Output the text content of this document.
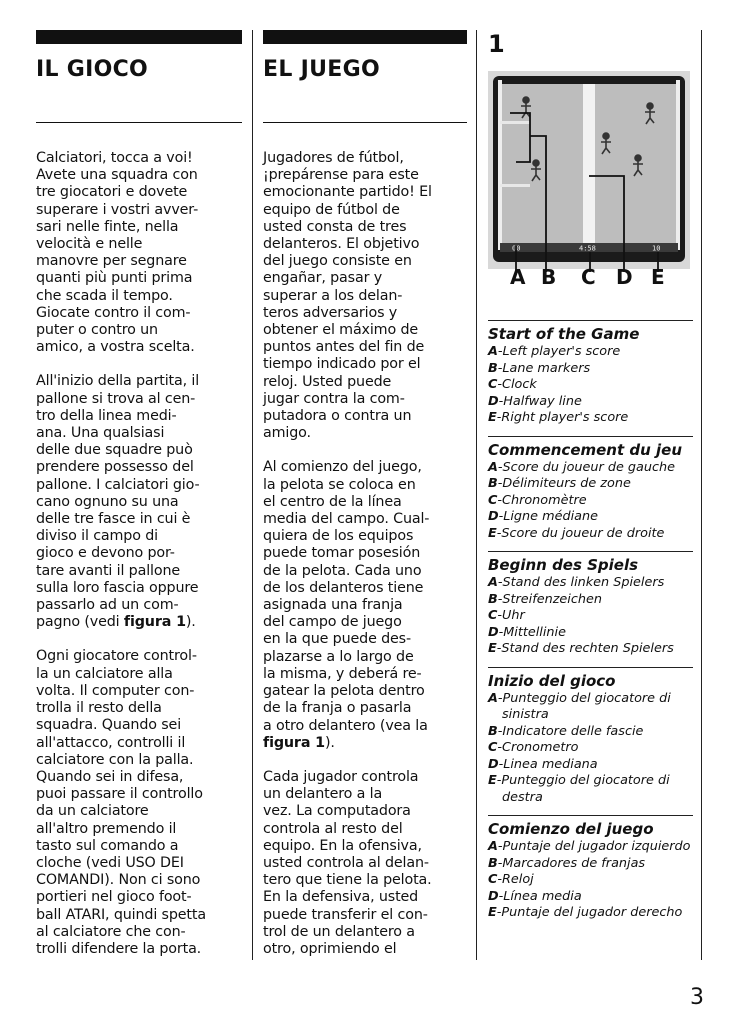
IL GIOCO

Calciatori, tocca a voi!
Avete una squadra con
tre giocatori e dovete
superare i vostri avver-
sari nelle finte, nella
velocità e nelle
manovre per segnare
quanti più punti prima
che scada il tempo.
Giocate contro il com-
puter o contro un
amico, a vostra scelta.

All'inizio della partita, il
pallone si trova al cen-
tro della linea medi-
ana. Una qualsiasi
delle due squadre può
prendere possesso del
pallone. I calciatori gio-
cano ognuno su una
delle tre fasce in cui è
diviso il campo di
gioco e devono por-
tare avanti il pallone
sulla loro fascia oppure
passarlo ad un com-
pagno (vedi figura 1).

Ogni giocatore control-
la un calciatore alla
volta. Il computer con-
trolla il resto della
squadra. Quando sei
all'attacco, controlli il
calciatore con la palla.
Quando sei in difesa,
puoi passare il controllo
da un calciatore
all'altro premendo il
tasto sul comando a
cloche (vedi USO DEI
COMANDI). Non ci sono
portieri nel gioco foot-
ball ATARI, quindi spetta
al calciatore che con-
trolli difendere la porta.

EL JUEGO

Jugadores de fútbol,
¡prepárense para este
emocionante partido! El
equipo de fútbol de
usted consta de tres
delanteros. El objetivo
del juego consiste en
engañar, pasar y
superar a los delan-
teros adversarios y
obtener el máximo de
puntos antes del fin de
tiempo indicado por el
reloj. Usted puede
jugar contra la com-
putadora o contra un
amigo.

Al comienzo del juego,
la pelota se coloca en
el centro de la línea
media del campo. Cual-
quiera de los equipos
puede tomar posesión
de la pelota. Cada uno
de los delanteros tiene
asignada una franja
del campo de juego
en la que puede des-
plazarse a lo largo de
la misma, y deberá re-
gatear la pelota dentro
de la franja o pasarla
a otro delantero (vea la
figura 1).

Cada jugador controla
un delantero a la
vez. La computadora
controla al resto del
equipo. En la ofensiva,
usted controla al delan-
tero que tiene la pelota.
En la defensiva, usted
puede transferir el con-
trol de un delantero a
otro, oprimiendo el

1
00	4:58	10
A B C D E
Start of the Game
A-Left player's score
B-Lane markers
C-Clock
D-Halfway line
E-Right player's score
Commencement du jeu
A-Score du joueur de gauche
B-Délimiteurs de zone
C-Chronomètre
D-Ligne médiane
E-Score du joueur de droite
Beginn des Spiels
A-Stand des linken Spielers
B-Streifenzeichen
C-Uhr
D-Mittellinie
E-Stand des rechten Spielers
Inizio del gioco
A-Punteggio del giocatore di sinistra
B-Indicatore delle fascie
C-Cronometro
D-Linea mediana
E-Punteggio del giocatore di destra
Comienzo del juego
A-Puntaje del jugador izquierdo
B-Marcadores de franjas
C-Reloj
D-Línea media
E-Puntaje del jugador derecho
3
